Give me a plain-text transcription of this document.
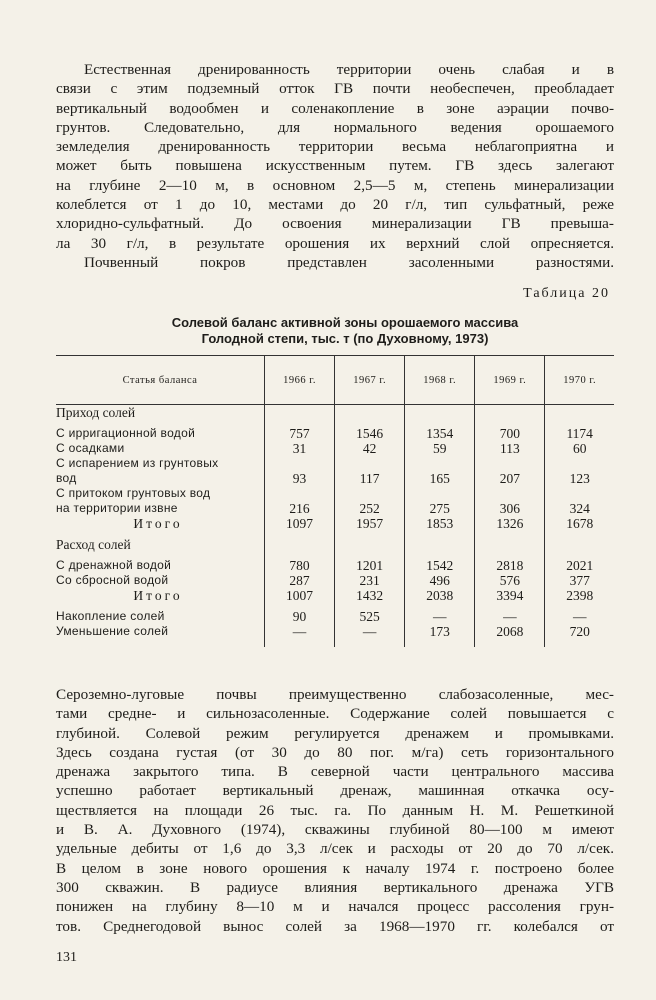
Естественная дренированность территории очень слабая и в
связи с этим подземный отток ГВ почти необеспечен, преобладает
вертикальный водообмен и соленакопление в зоне аэрации почво-
грунтов. Следовательно, для нормального ведения орошаемого
земледелия дренированность территории весьма неблагоприятна и
может быть повышена искусственным путем. ГВ здесь залегают
на глубине 2—10 м, в основном 2,5—5 м, степень минерализации
колеблется от 1 до 10, местами до 20 г/л, тип сульфатный, реже
хлоридно-сульфатный. До освоения минерализации ГВ превыша-
ла 30 г/л, в результате орошения их верхний слой опресняется.
Почвенный покров представлен засоленными разностями.
Таблица 20
Солевой баланс активной зоны орошаемого массива
Голодной степи, тыс. т (по Духовному, 1973)
Статья баланса	1966 г.	1967 г.	1968 г.	1969 г.	1970 г.
Приход солей					

С ирригационной водой	757	1546	1354	700	1174
С осадками	31	42	59	113	60
С испарением из грунтовых					
вод	93	117	165	207	123
С притоком грунтовых вод					
на территории извне	216	252	275	306	324
Итого	1097	1957	1853	1326	1678

Расход солей					

С дренажной водой	780	1201	1542	2818	2021
Со сбросной водой	287	231	496	576	377
Итого	1007	1432	2038	3394	2398

Накопление солей	90	525	—	—	—
Уменьшение солей	—	—	173	2068	720
Сероземно-луговые почвы преимущественно слабозасоленные, мес-
тами средне- и сильнозасоленные. Содержание солей повышается с
глубиной. Солевой режим регулируется дренажем и промывками.
Здесь создана густая (от 30 до 80 пог. м/га) сеть горизонтального
дренажа закрытого типа. В северной части центрального массива
успешно работает вертикальный дренаж, машинная откачка осу-
ществляется на площади 26 тыс. га. По данным Н. М. Решеткиной
и В. А. Духовного (1974), скважины глубиной 80—100 м имеют
удельные дебиты от 1,6 до 3,3 л/сек и расходы от 20 до 70 л/сек.
В целом в зоне нового орошения к началу 1974 г. построено более
300 скважин. В радиусе влияния вертикального дренажа УГВ
понижен на глубину 8—10 м и начался процесс рассоления грун-
тов. Среднегодовой вынос солей за 1968—1970 гг. колебался от
131
